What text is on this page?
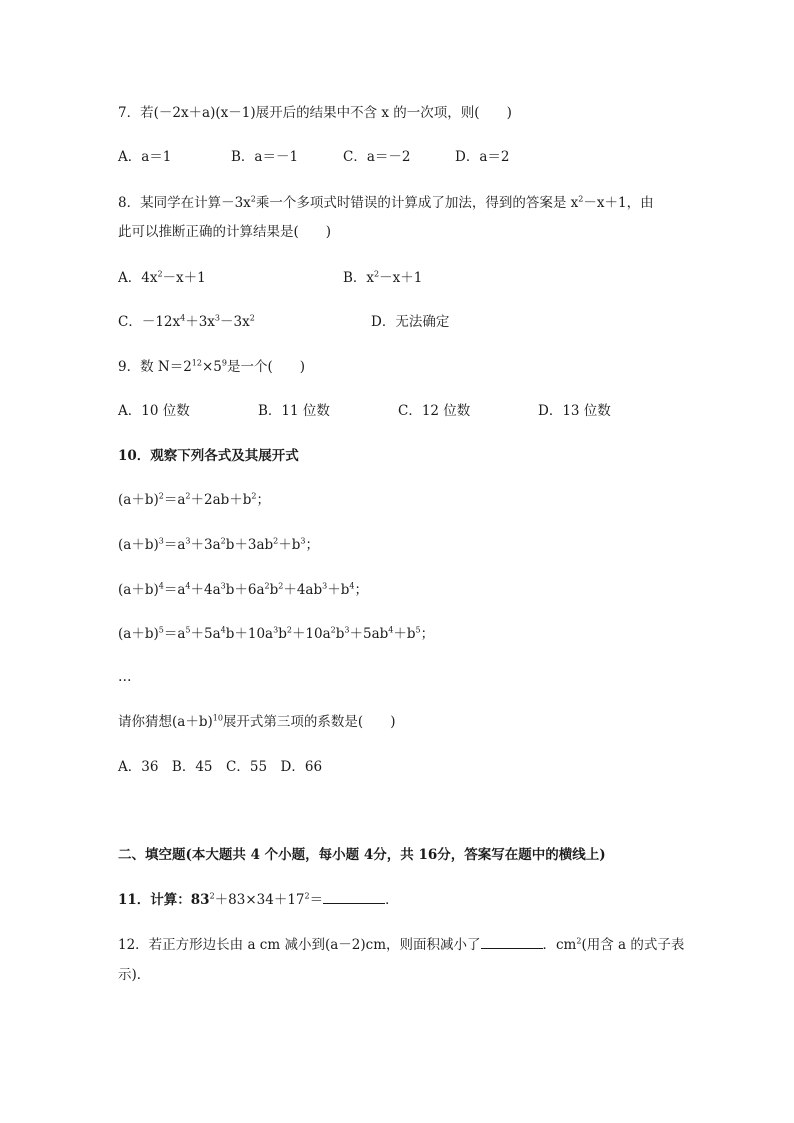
7．若(－2x＋a)(x－1)展开后的结果中不含 x 的一次项，则(　　)
A．a＝1	B．a＝－1	C．a＝－2	D．a＝2
8．某同学在计算$-3x^2$乘一个多项式时错误的计算成了加法，得到的答案是 $x^2-x+1$，由
此可以推断正确的计算结果是(　　)
A．$4x^2-x+1$	B．$x^2-x+1$
C．$-12x^4+3x^3-3x^2$	D．无法确定
9．数 $N=2^{12}\times 5^9$是一个(　　)
A．10 位数	B．11 位数	C．12 位数	D．13 位数
10．观察下列各式及其展开式
$(a+b)^2=a^2+2ab+b^2$；
$(a+b)^3=a^3+3a^2b+3ab^2+b^3$；
$(a+b)^4=a^4+4a^3b+6a^2b^2+4ab^3+b^4$；
$(a+b)^5=a^5+5a^4b+10a^3b^2+10a^2b^3+5ab^4+b^5$；
…
请你猜想$(a+b)^{10}$展开式第三项的系数是(　　)
A．36　B．45　C．55　D．66
二、填空题(本大题共 4 个小题，每小题 4分，共 16分，答案写在题中的横线上)
11．计算：$83^2+83\times 34+17^2=$	．
12．若正方形边长由 a cm 减小到(a－2)cm，则面积减小了	．$cm^2$(用含 a 的式子表
示)．
